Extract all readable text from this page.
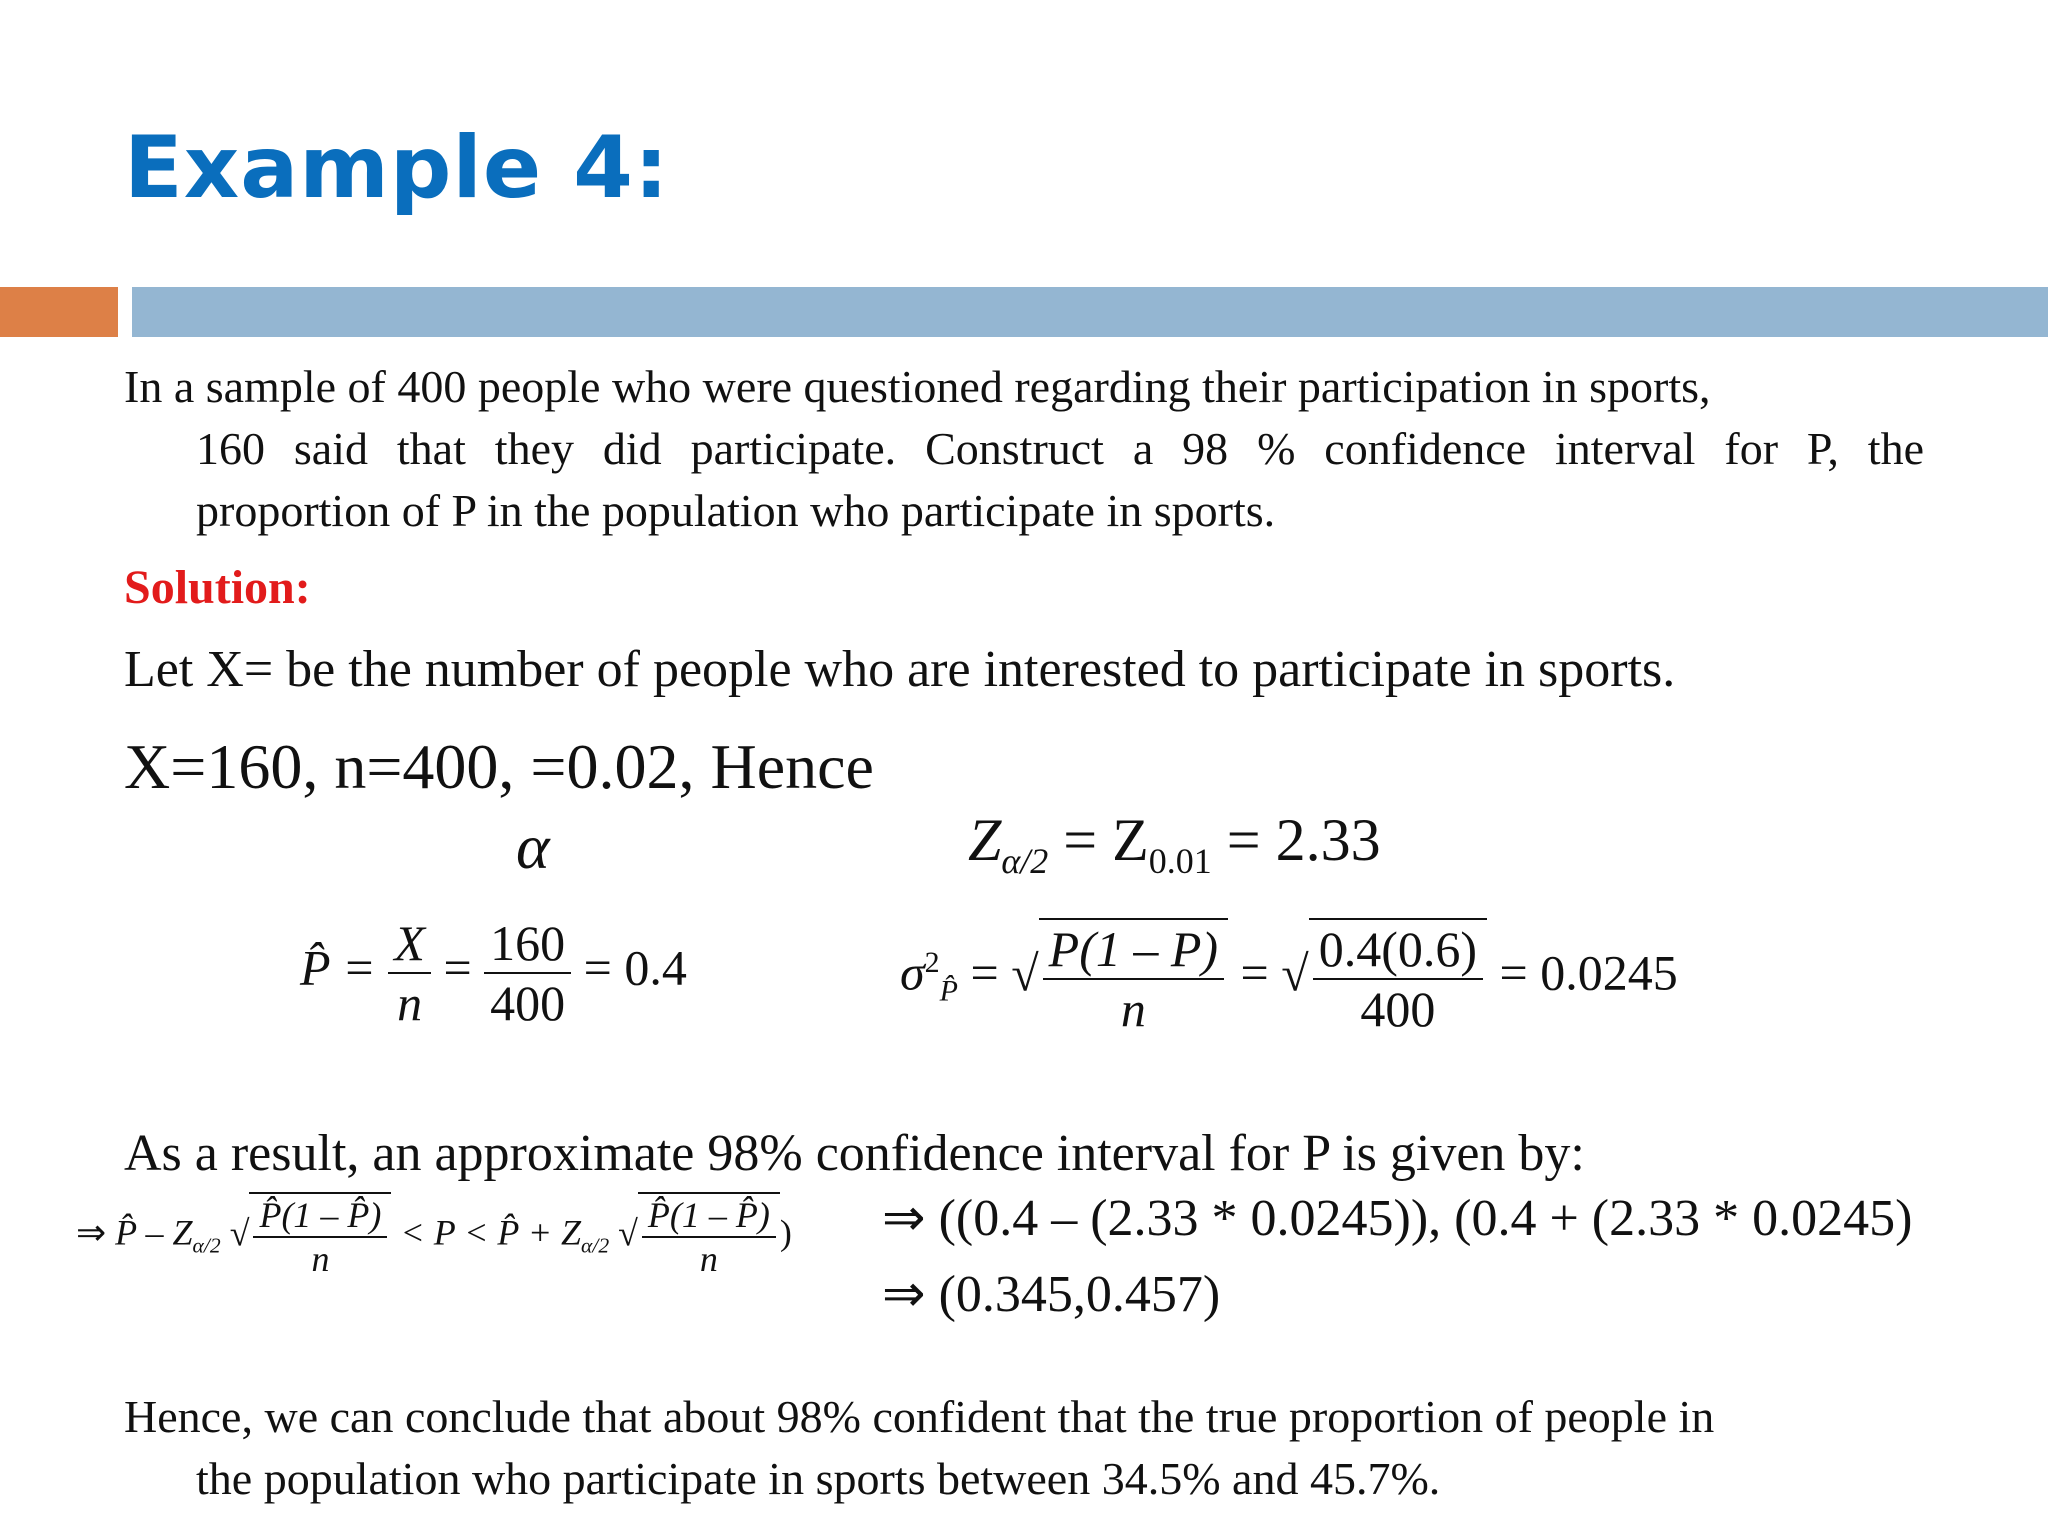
Example 4:
In a sample of 400 people who were questioned regarding their participation in sports,
160 said that they did participate. Construct a 98 % confidence interval for P, the
proportion of P in the population who participate in sports.
Solution:
Let X= be the number of people who are interested to participate in sports.
X=160, n=400, =0.02, Hence
α	$Z_{\alpha/2} = Z_{0.01} = 2.33$
P̂ = $\frac{X}{n} = \frac{160}{400} = 0.4$	$\sigma^2_{P̂}$ = √ $\frac{P(1 - P)}{n}$ = √ $\frac{0.4(0.6)}{400} = 0.0245$
As a result, an approximate 98% confidence interval for P is given by:
⇒ P̂ – $Z_{\alpha/2}$ √ $\frac{P̂(1 - P̂)}{n} < P$ < P̂ + $Z_{\alpha/2}$ √ $\frac{P̂(1 - P̂)}{n}$ ) ⇒ ((0.4 – (2.33 * 0.0245)), (0.4 + (2.33 * 0.0245)
⇒ (0.345,0.457)
Hence, we can conclude that about 98% confident that the true proportion of people in
the population who participate in sports between 34.5% and 45.7%.
